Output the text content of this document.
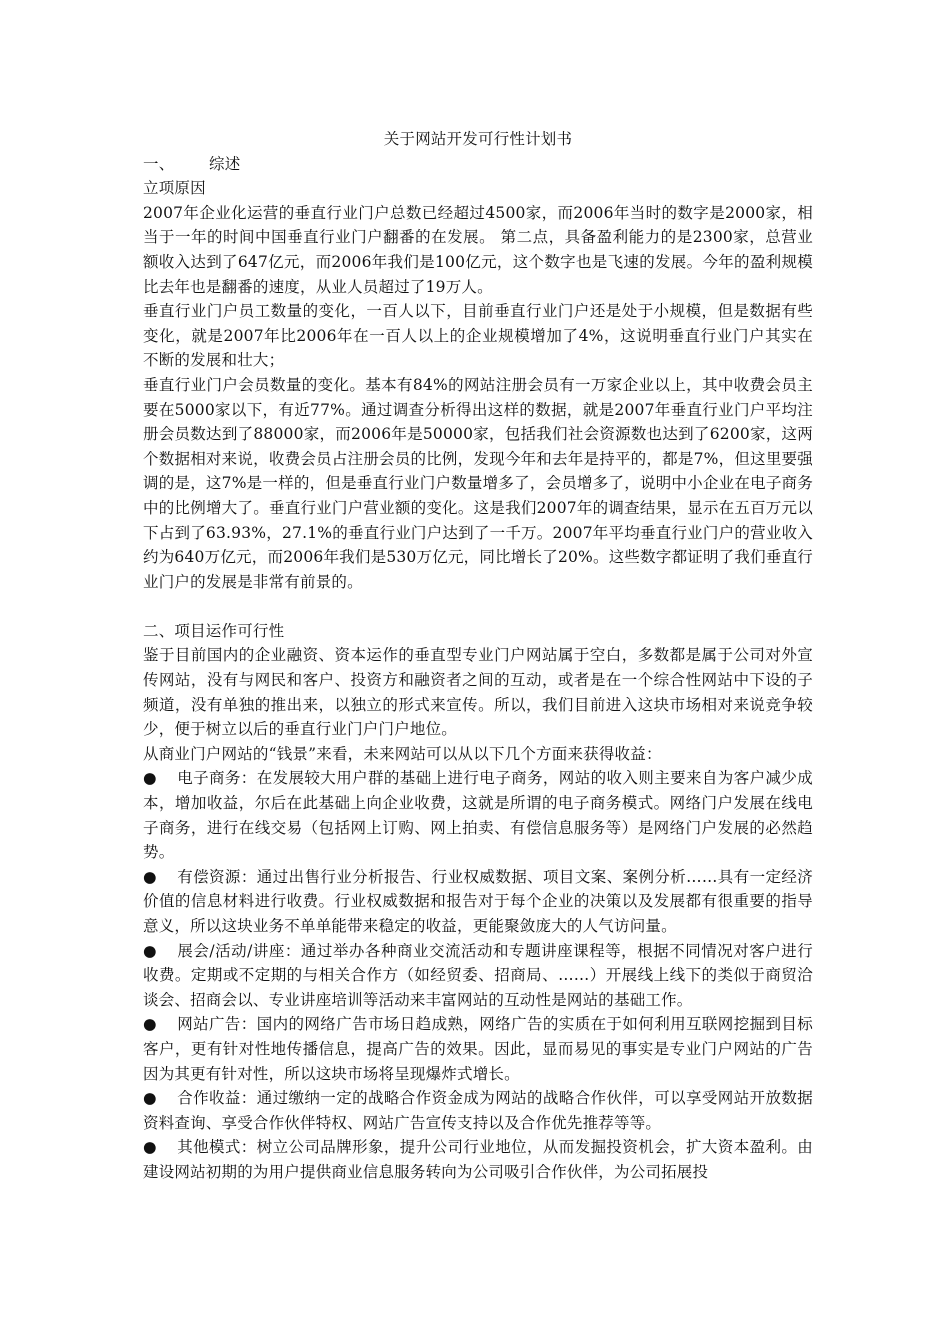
关于网站开发可行性计划书

一、 综述

立项原因

2007年企业化运营的垂直行业门户总数已经超过4500家，而2006年当时的数字是2000家，相当于一年的时间中国垂直行业门户翻番的在发展。 第二点，具备盈利能力的是2300家，总营业额收入达到了647亿元，而2006年我们是100亿元，这个数字也是飞速的发展。今年的盈利规模比去年也是翻番的速度，从业人员超过了19万人。

垂直行业门户员工数量的变化，一百人以下，目前垂直行业门户还是处于小规模，但是数据有些变化，就是2007年比2006年在一百人以上的企业规模增加了4%，这说明垂直行业门户其实在不断的发展和壮大；

垂直行业门户会员数量的变化。基本有84%的网站注册会员有一万家企业以上，其中收费会员主要在5000家以下，有近77%。通过调查分析得出这样的数据，就是2007年垂直行业门户平均注册会员数达到了88000家，而2006年是50000家，包括我们社会资源数也达到了6200家，这两个数据相对来说，收费会员占注册会员的比例，发现今年和去年是持平的，都是7%，但这里要强调的是，这7%是一样的，但是垂直行业门户数量增多了，会员增多了，说明中小企业在电子商务中的比例增大了。垂直行业门户营业额的变化。这是我们2007年的调查结果，显示在五百万元以下占到了63.93%，27.1%的垂直行业门户达到了一千万。2007年平均垂直行业门户的营业收入约为640万亿元，而2006年我们是530万亿元，同比增长了20%。这些数字都证明了我们垂直行业门户的发展是非常有前景的。

二、项目运作可行性

鉴于目前国内的企业融资、资本运作的垂直型专业门户网站属于空白，多数都是属于公司对外宣传网站，没有与网民和客户、投资方和融资者之间的互动，或者是在一个综合性网站中下设的子频道，没有单独的推出来，以独立的形式来宣传。所以，我们目前进入这块市场相对来说竞争较少，便于树立以后的垂直行业门户门户地位。

从商业门户网站的“钱景”来看，未来网站可以从以下几个方面来获得收益：

● 电子商务：在发展较大用户群的基础上进行电子商务，网站的收入则主要来自为客户减少成本，增加收益，尔后在此基础上向企业收费，这就是所谓的电子商务模式。网络门户发展在线电子商务，进行在线交易（包括网上订购、网上拍卖、有偿信息服务等）是网络门户发展的必然趋势。

● 有偿资源：通过出售行业分析报告、行业权威数据、项目文案、案例分析……具有一定经济价值的信息材料进行收费。行业权威数据和报告对于每个企业的决策以及发展都有很重要的指导意义，所以这块业务不单单能带来稳定的收益，更能聚敛庞大的人气访问量。

● 展会/活动/讲座：通过举办各种商业交流活动和专题讲座课程等，根据不同情况对客户进行收费。定期或不定期的与相关合作方（如经贸委、招商局、……）开展线上线下的类似于商贸洽谈会、招商会以、专业讲座培训等活动来丰富网站的互动性是网站的基础工作。

● 网站广告：国内的网络广告市场日趋成熟，网络广告的实质在于如何利用互联网挖掘到目标客户，更有针对性地传播信息，提高广告的效果。因此，显而易见的事实是专业门户网站的广告因为其更有针对性，所以这块市场将呈现爆炸式增长。

● 合作收益：通过缴纳一定的战略合作资金成为网站的战略合作伙伴，可以享受网站开放数据资料查询、享受合作伙伴特权、网站广告宣传支持以及合作优先推荐等等。

● 其他模式：树立公司品牌形象，提升公司行业地位，从而发掘投资机会，扩大资本盈利。由建设网站初期的为用户提供商业信息服务转向为公司吸引合作伙伴，为公司拓展投
